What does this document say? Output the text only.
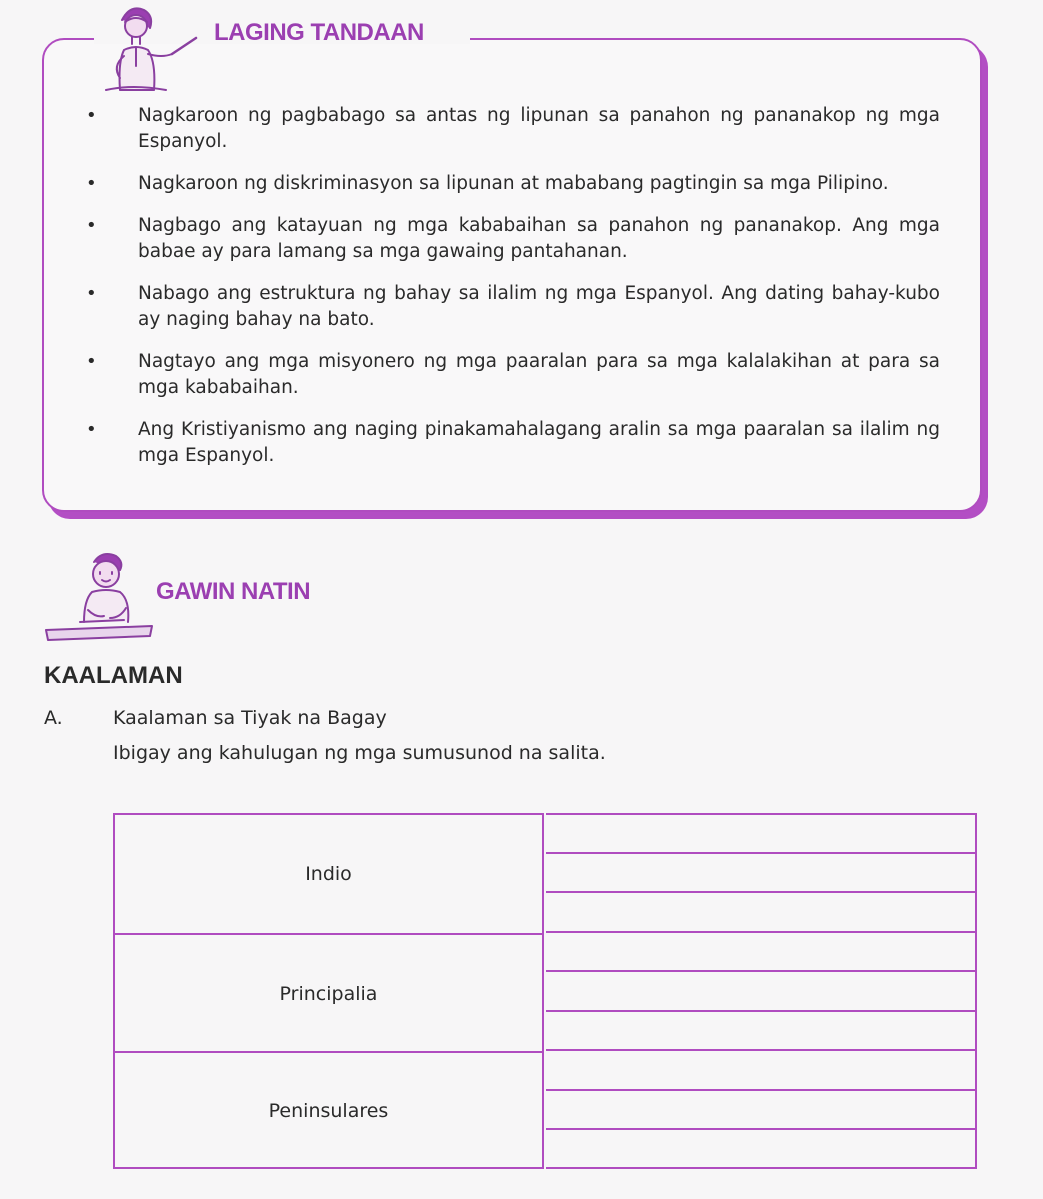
LAGING TANDAAN
• Nagkaroon ng pagbabago sa antas ng lipunan sa panahon ng pananakop ng mga Espanyol.
• Nagkaroon ng diskriminasyon sa lipunan at mababang pagtingin sa mga Pilipino.
• Nagbago ang katayuan ng mga kababaihan sa panahon ng pananakop. Ang mga babae ay para lamang sa mga gawaing pantahanan.
• Nabago ang estruktura ng bahay sa ilalim ng mga Espanyol. Ang dating bahay-kubo ay naging bahay na bato.
• Nagtayo ang mga misyonero ng mga paaralan para sa mga kalalakihan at para sa mga kababaihan.
• Ang Kristiyanismo ang naging pinakamahalagang aralin sa mga paaralan sa ilalim ng mga Espanyol.
GAWIN NATIN
KAALAMAN
A.	Kaalaman sa Tiyak na Bagay
Ibigay ang kahulugan ng mga sumusunod na salita.
Indio
Principalia
Peninsulares
